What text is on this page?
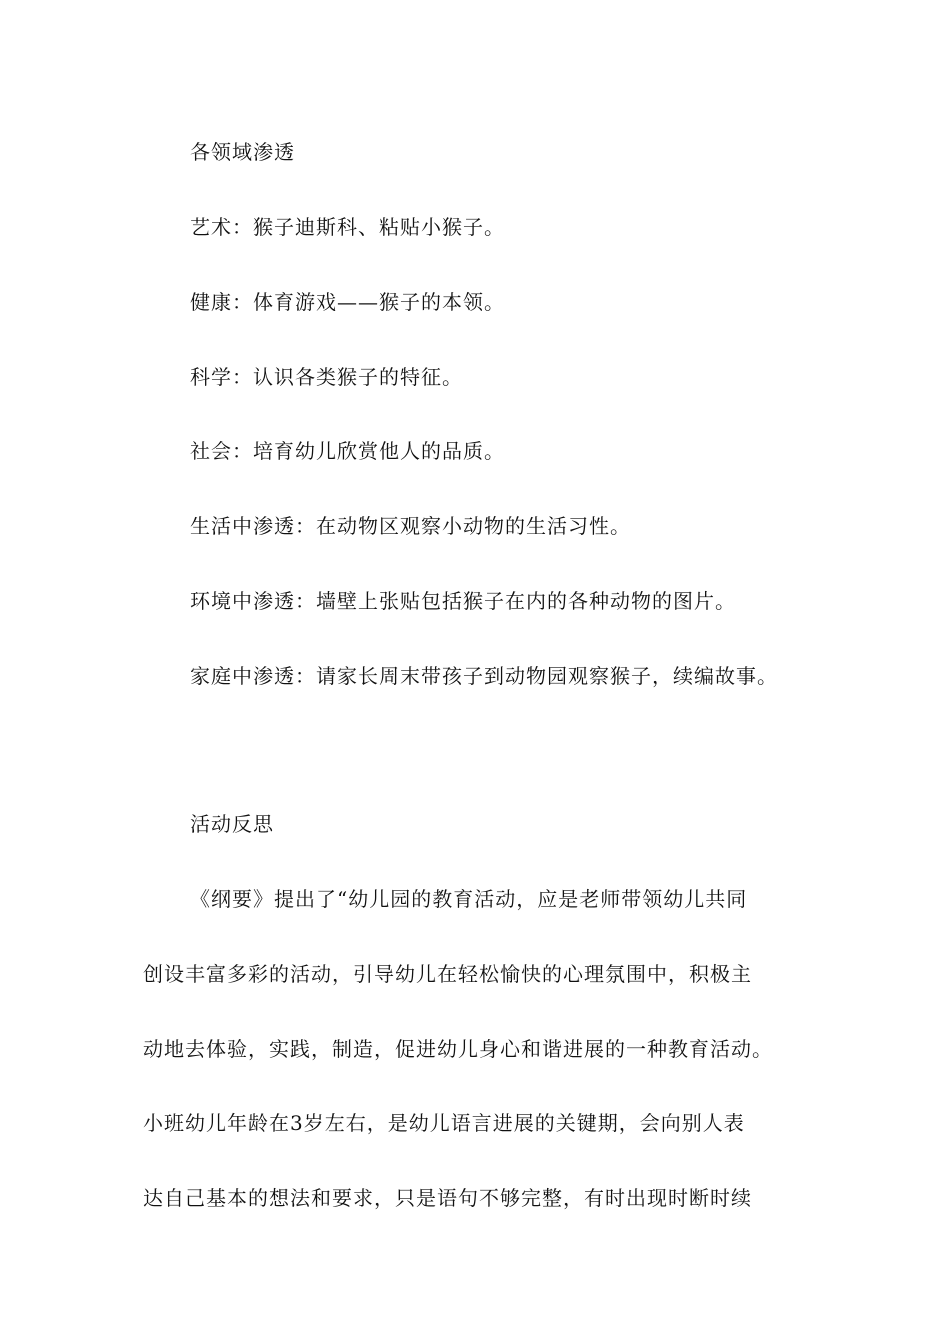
各领域渗透
艺术：猴子迪斯科、粘贴小猴子。
健康：体育游戏——猴子的本领。
科学：认识各类猴子的特征。
社会：培育幼儿欣赏他人的品质。
生活中渗透：在动物区观察小动物的生活习性。
环境中渗透：墙壁上张贴包括猴子在内的各种动物的图片。
家庭中渗透：请家长周末带孩子到动物园观察猴子，续编故事。
活动反思
《纲要》提出了“幼儿园的教育活动，应是老师带领幼儿共同
创设丰富多彩的活动，引导幼儿在轻松愉快的心理氛围中，积极主
动地去体验，实践，制造，促进幼儿身心和谐进展的一种教育活动。
小班幼儿年龄在3岁左右，是幼儿语言进展的关键期，会向别人表
达自己基本的想法和要求，只是语句不够完整，有时出现时断时续
